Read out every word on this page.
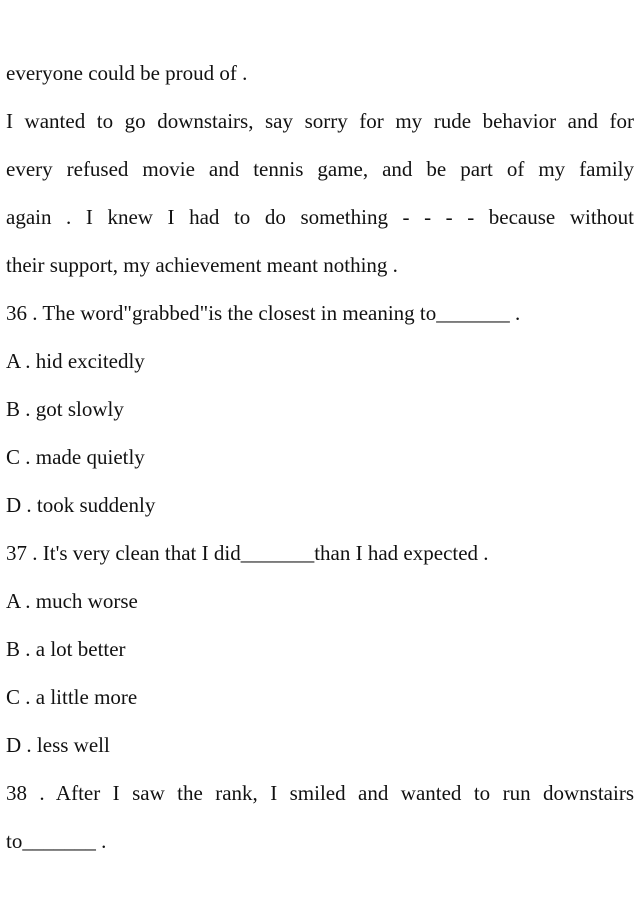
everyone could be proud of .
I wanted to go downstairs, say sorry for my rude behavior and for
every refused movie and tennis game, and be part of my family
again . I knew I had to do something - - - - because without
their support, my achievement meant nothing .
36 . The word"grabbed"is the closest in meaning to_______ .
A . hid excitedly
B . got slowly
C . made quietly
D . took suddenly
37 . It's very clean that I did_______than I had expected .
A . much worse
B . a lot better
C . a little more
D . less well
38 . After I saw the rank, I smiled and wanted to run downstairs
to_______ .
